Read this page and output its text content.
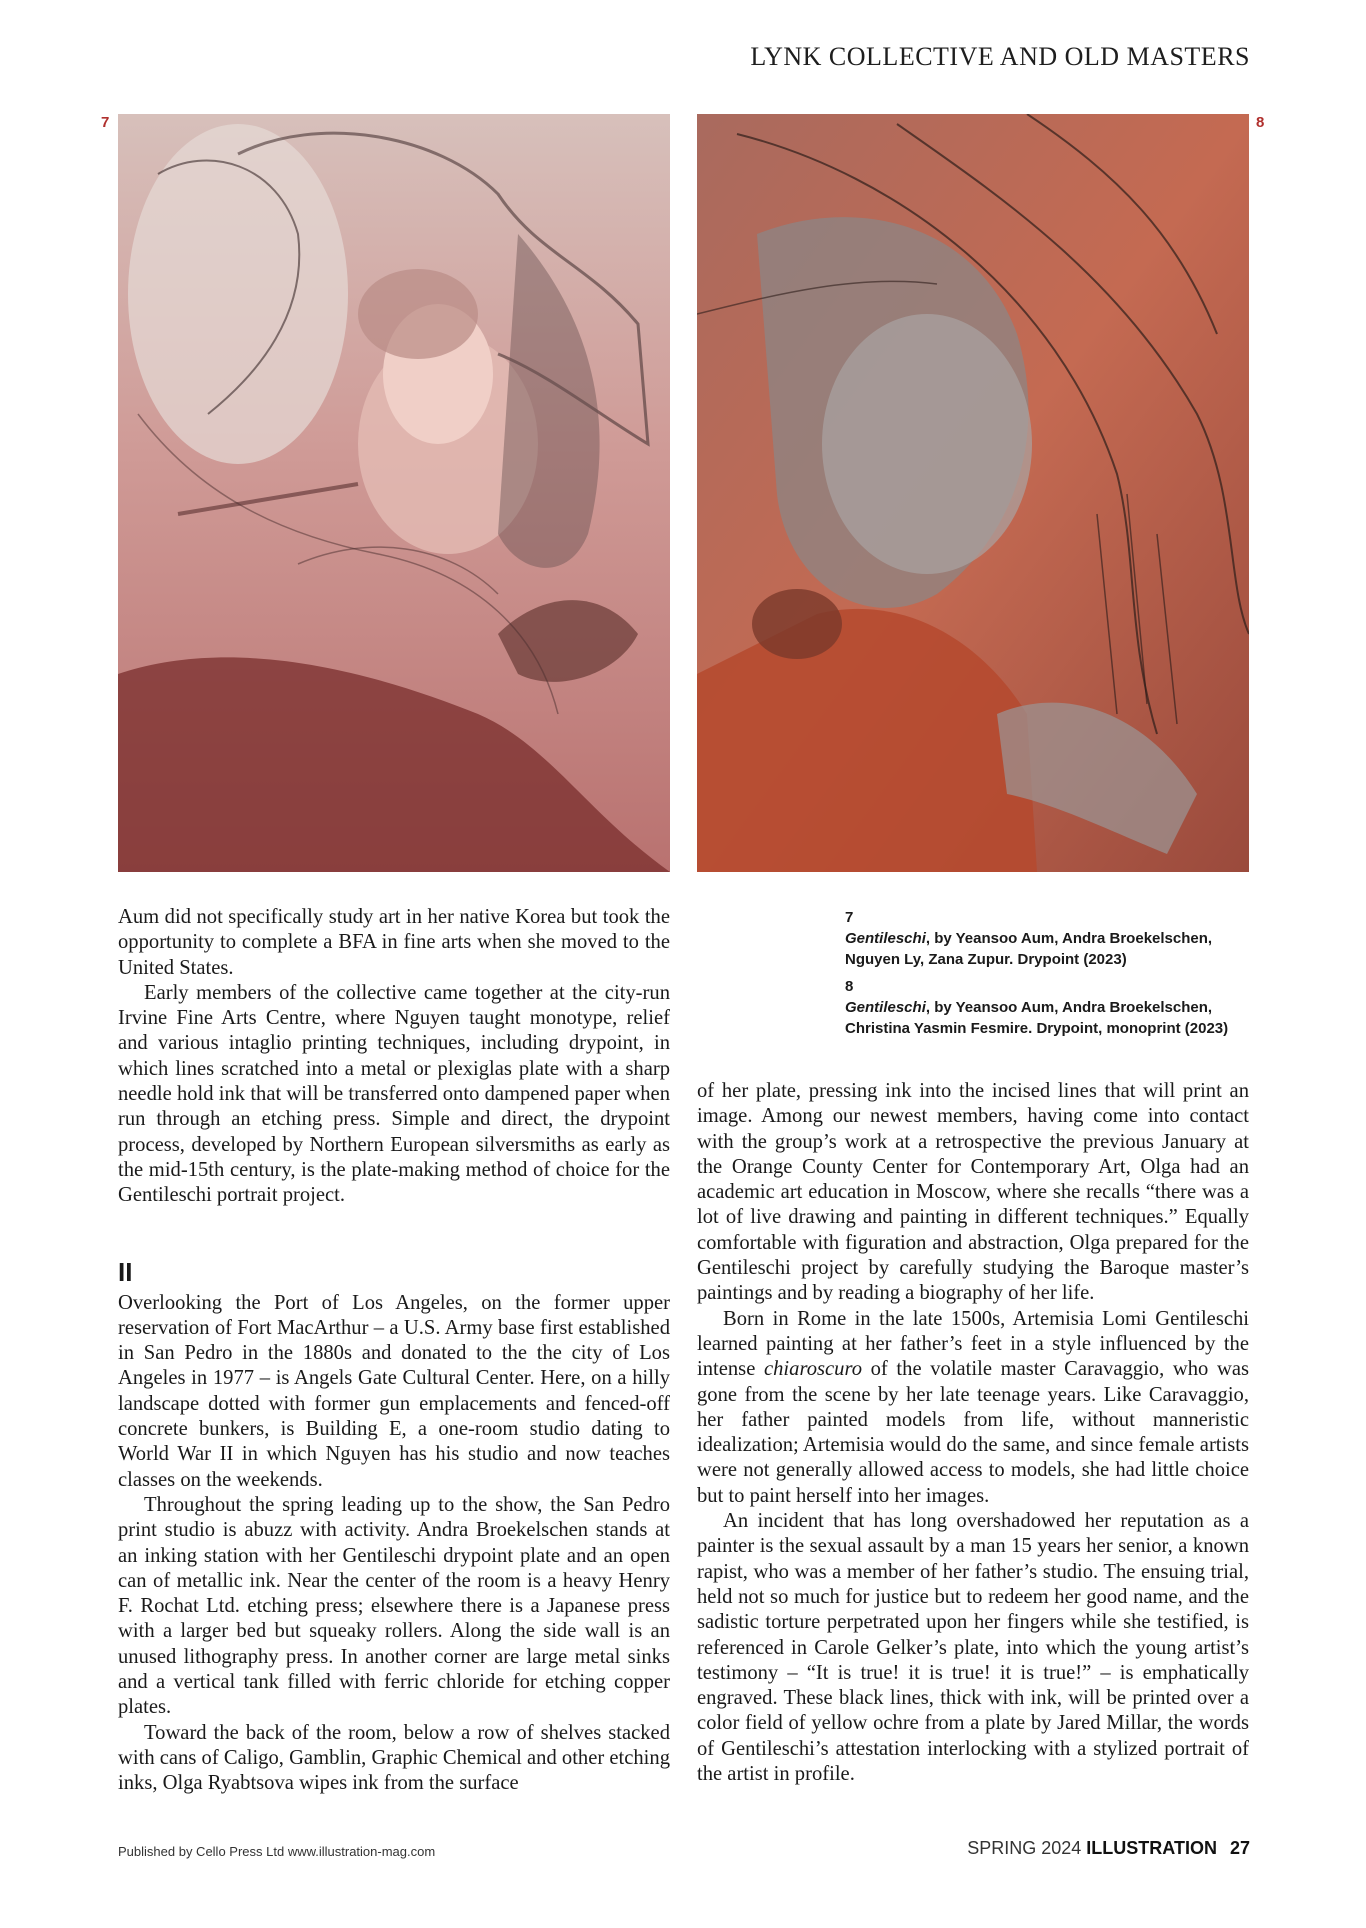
LYNK COLLECTIVE AND OLD MASTERS
7	8
7
Gentileschi, by Yeansoo Aum, Andra Broekelschen, Nguyen Ly, Zana Zupur. Drypoint (2023)
8
Gentileschi, by Yeansoo Aum, Andra Broekelschen, Christina Yasmin Fesmire. Drypoint, monoprint (2023)

Aum did not specifically study art in her native Korea but took the opportunity to complete a BFA in fine arts when she moved to the United States.

Early members of the collective came together at the city-run Irvine Fine Arts Centre, where Nguyen taught monotype, relief and various intaglio printing techniques, including drypoint, in which lines scratched into a metal or plexiglas plate with a sharp needle hold ink that will be transferred onto dampened paper when run through an etching press. Simple and direct, the drypoint process, developed by Northern European silversmiths as early as the mid-15th century, is the plate-making method of choice for the Gentileschi portrait project.

II

Overlooking the Port of Los Angeles, on the former upper reservation of Fort MacArthur – a U.S. Army base first established in San Pedro in the 1880s and donated to the the city of Los Angeles in 1977 – is Angels Gate Cultural Center. Here, on a hilly landscape dotted with former gun emplacements and fenced-off concrete bunkers, is Building E, a one-room studio dating to World War II in which Nguyen has his studio and now teaches classes on the weekends.

Throughout the spring leading up to the show, the San Pedro print studio is abuzz with activity. Andra Broekelschen stands at an inking station with her Gentileschi drypoint plate and an open can of metallic ink. Near the center of the room is a heavy Henry F. Rochat Ltd. etching press; elsewhere there is a Japanese press with a larger bed but squeaky rollers. Along the side wall is an unused lithography press. In another corner are large metal sinks and a vertical tank filled with ferric chloride for etching copper plates.

Toward the back of the room, below a row of shelves stacked with cans of Caligo, Gamblin, Graphic Chemical and other etching inks, Olga Ryabtsova wipes ink from the surface

of her plate, pressing ink into the incised lines that will print an image. Among our newest members, having come into contact with the group’s work at a retrospective the previous January at the Orange County Center for Contemporary Art, Olga had an academic art education in Moscow, where she recalls “there was a lot of live drawing and painting in different techniques.” Equally comfortable with figuration and abstraction, Olga prepared for the Gentileschi project by carefully studying the Baroque master’s paintings and by reading a biography of her life.

Born in Rome in the late 1500s, Artemisia Lomi Gentileschi learned painting at her father’s feet in a style influenced by the intense chiaroscuro of the volatile master Caravaggio, who was gone from the scene by her late teenage years. Like Caravaggio, her father painted models from life, without manneristic idealization; Artemisia would do the same, and since female artists were not generally allowed access to models, she had little choice but to paint herself into her images.

An incident that has long overshadowed her reputation as a painter is the sexual assault by a man 15 years her senior, a known rapist, who was a member of her father’s studio. The ensuing trial, held not so much for justice but to redeem her good name, and the sadistic torture perpetrated upon her fingers while she testified, is referenced in Carole Gelker’s plate, into which the young artist’s testimony – “It is true! it is true! it is true!” – is emphatically engraved. These black lines, thick with ink, will be printed over a color field of yellow ochre from a plate by Jared Millar, the words of Gentileschi’s attestation interlocking with a stylized portrait of the artist in profile.

Published by Cello Press Ltd www.illustration-mag.com	SPRING 2024 ILLUSTRATION 27
